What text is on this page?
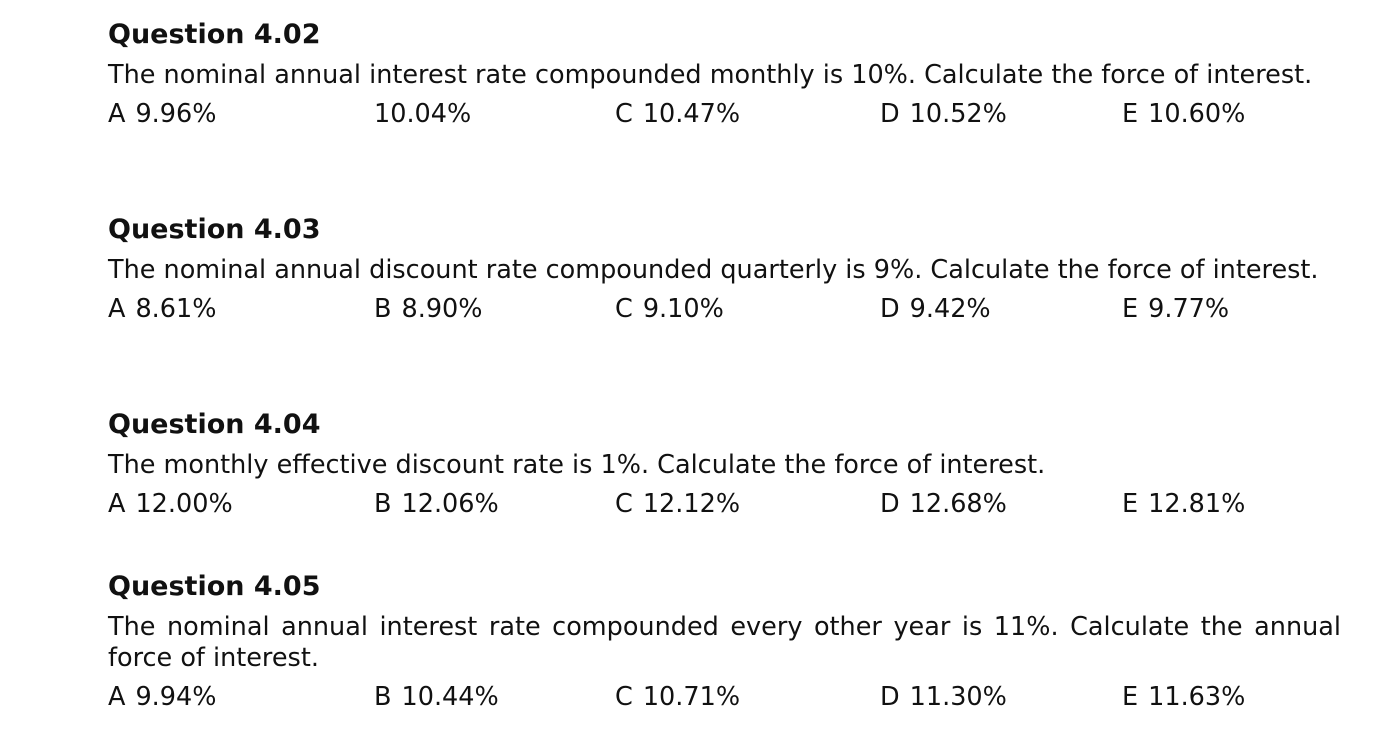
Question 4.02
The nominal annual interest rate compounded monthly is 10%. Calculate the force of interest.
A 9.96%	10.04%	C 10.47%	D 10.52%	E 10.60%
Question 4.03
The nominal annual discount rate compounded quarterly is 9%. Calculate the force of interest.
A 8.61%	B 8.90%	C 9.10%	D 9.42%	E 9.77%
Question 4.04
The monthly effective discount rate is 1%. Calculate the force of interest.
A 12.00%	B 12.06%	C 12.12%	D 12.68%	E 12.81%
Question 4.05
The nominal annual interest rate compounded every other year is 11%. Calculate the annual force of interest.
A 9.94%	B 10.44%	C 10.71%	D 11.30%	E 11.63%
